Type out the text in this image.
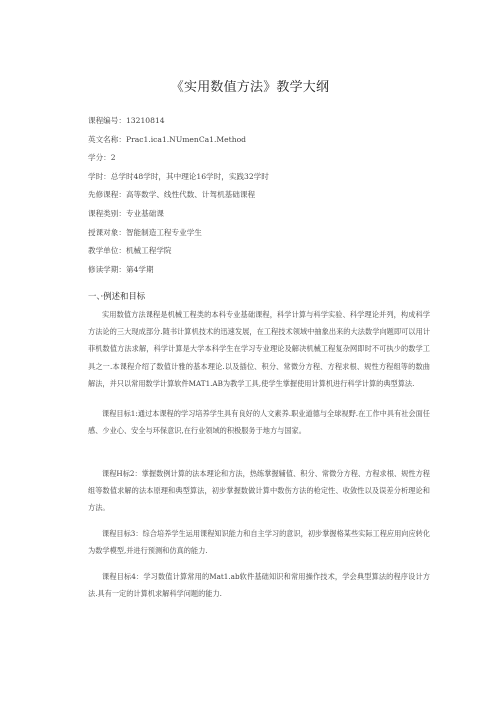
《实用数值方法》教学大纲
课程编号：13210814
英文名称：Prac1.ica1.NUmenCa1.Method
学分：2
学时：总学时48学时，其中理论16学时，实践32学时
先修课程：高等数学、线性代数、计驾机基础课程
课程类别：专业基础课
授课对象：智能制造工程专业学生
教学单位：机械工程学院
修读学期：第4学期
一、·例述和目标

实用数值方法课程是机械工程类的本科专业基础课程，科学计算与科学实验、科学理论并列，构成科学方法论的三大现成部分.随书计算机技术的迅速发展，在工程技术领域中抽象出来的大法数学向题即可以用计菲机数值方法求解，科学计算是大学本科学生在学习专业理论及解决机械工程复杂网即时不可执少的数学工具之一.本课程介绍了数值计雅的基本理论.以及插位、积分、常微分方程、方程求根、规性方程组等的数曲解法，并只以常用数学计算软件MAT1.AB为教学工具,使学生掌握使用计算机进行科学计算的典型算法.

课程目标1:通过本课程的学习培养学生具有良好的人文素养.职业道德与全球视野.在工作中具有社会面任感、少业心、安全与环保意识,在行业领域的积极服务于地方与国家。

课程H标2：掌握数例计算的法本理论和方法，热练掌握辅值、积分、常微分方程、方程求根、规性方程组等数值求解的法本原理和典型算法，初步掌握数做计算中数伤方法的枪定性、收敛性以及误差分析理论和方法。

课程目标3：综合培养学生运用课程知识能力和自主学习的意识，初步掌握格某些实际工程应用向应转化为数学模型,并进行预测和仿真的能力.

课程目标4：学习数值计算常用的Mat1.ab软件基础知识和常用操作技术，学会典型算法的程序设计方法.具有一定的计算机求解科学问题的能力.
